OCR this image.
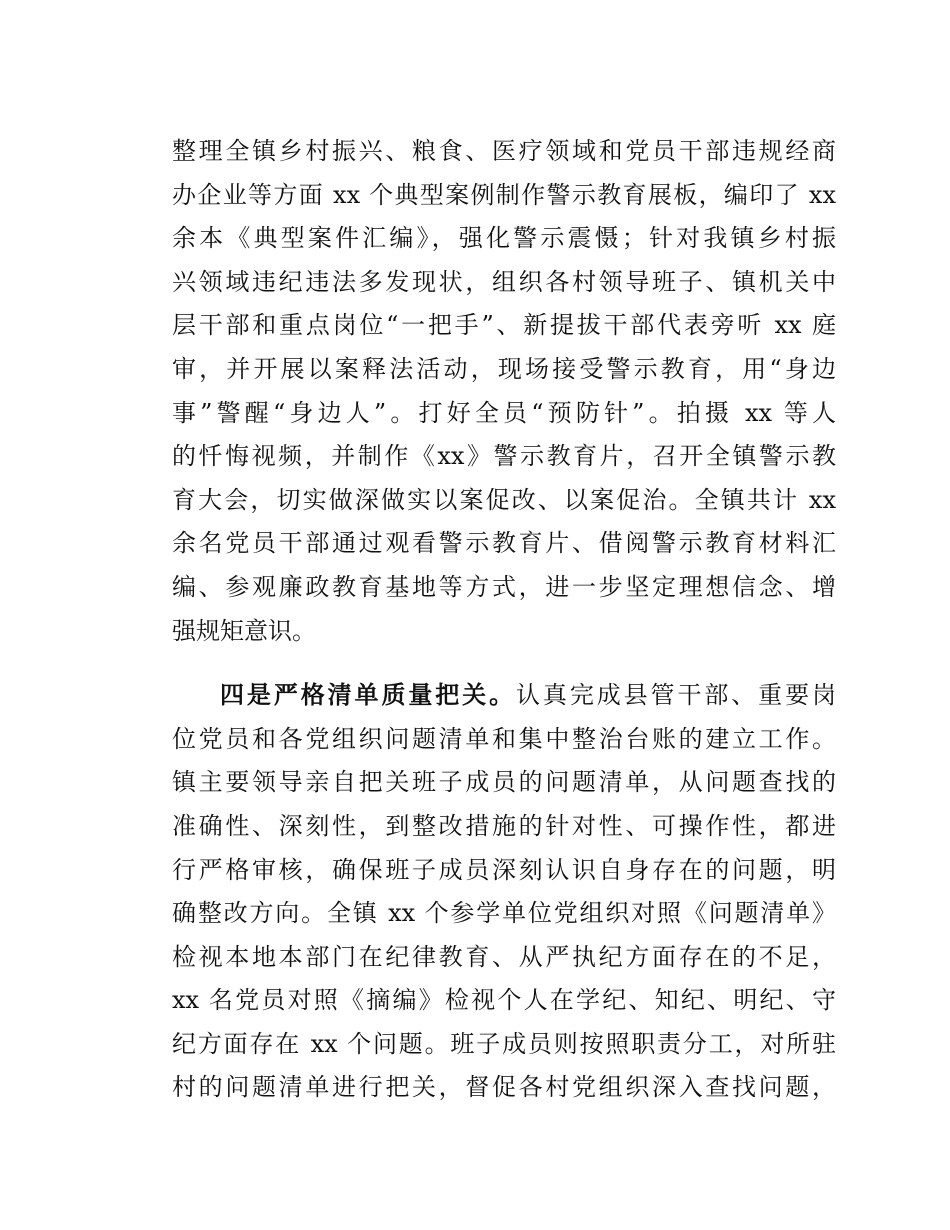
整理全镇乡村振兴、粮食、医疗领域和党员干部违规经商
办企业等方面 xx 个典型案例制作警示教育展板，编印了 xx
余本《典型案件汇编》，强化警示震慑；针对我镇乡村振
兴领域违纪违法多发现状，组织各村领导班子、镇机关中
层干部和重点岗位“一把手”、新提拔干部代表旁听 xx 庭
审，并开展以案释法活动，现场接受警示教育，用“身边
事”警醒“身边人”。打好全员“预防针”。拍摄 xx 等人
的忏悔视频，并制作《xx》警示教育片，召开全镇警示教
育大会，切实做深做实以案促改、以案促治。全镇共计 xx
余名党员干部通过观看警示教育片、借阅警示教育材料汇
编、参观廉政教育基地等方式，进一步坚定理想信念、增
强规矩意识。
四是严格清单质量把关。认真完成县管干部、重要岗
位党员和各党组织问题清单和集中整治台账的建立工作。
镇主要领导亲自把关班子成员的问题清单，从问题查找的
准确性、深刻性，到整改措施的针对性、可操作性，都进
行严格审核，确保班子成员深刻认识自身存在的问题，明
确整改方向。全镇 xx 个参学单位党组织对照《问题清单》
检视本地本部门在纪律教育、从严执纪方面存在的不足，
xx 名党员对照《摘编》检视个人在学纪、知纪、明纪、守
纪方面存在 xx 个问题。班子成员则按照职责分工，对所驻
村的问题清单进行把关，督促各村党组织深入查找问题，
